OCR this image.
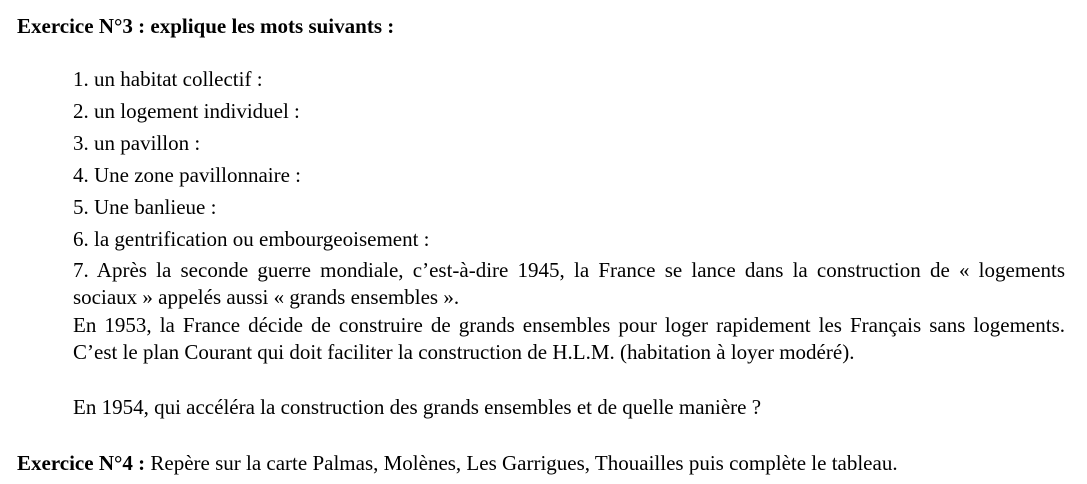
Exercice N°3 : explique les mots suivants :
1. un habitat collectif :
2. un logement individuel :
3. un pavillon :
4. Une zone pavillonnaire :
5. Une banlieue :
6. la gentrification ou embourgeoisement :
7. Après la seconde guerre mondiale, c’est-à-dire 1945, la France se lance dans la construction de « logements sociaux » appelés aussi « grands ensembles ».
En 1953, la France décide de construire de grands ensembles pour loger rapidement les Français sans logements. C’est le plan Courant qui doit faciliter la construction de H.L.M. (habitation à loyer modéré).
En 1954, qui accéléra la construction des grands ensembles et de quelle manière ?
Exercice N°4 : Repère sur la carte Palmas, Molènes, Les Garrigues, Thouailles puis complète le tableau.
